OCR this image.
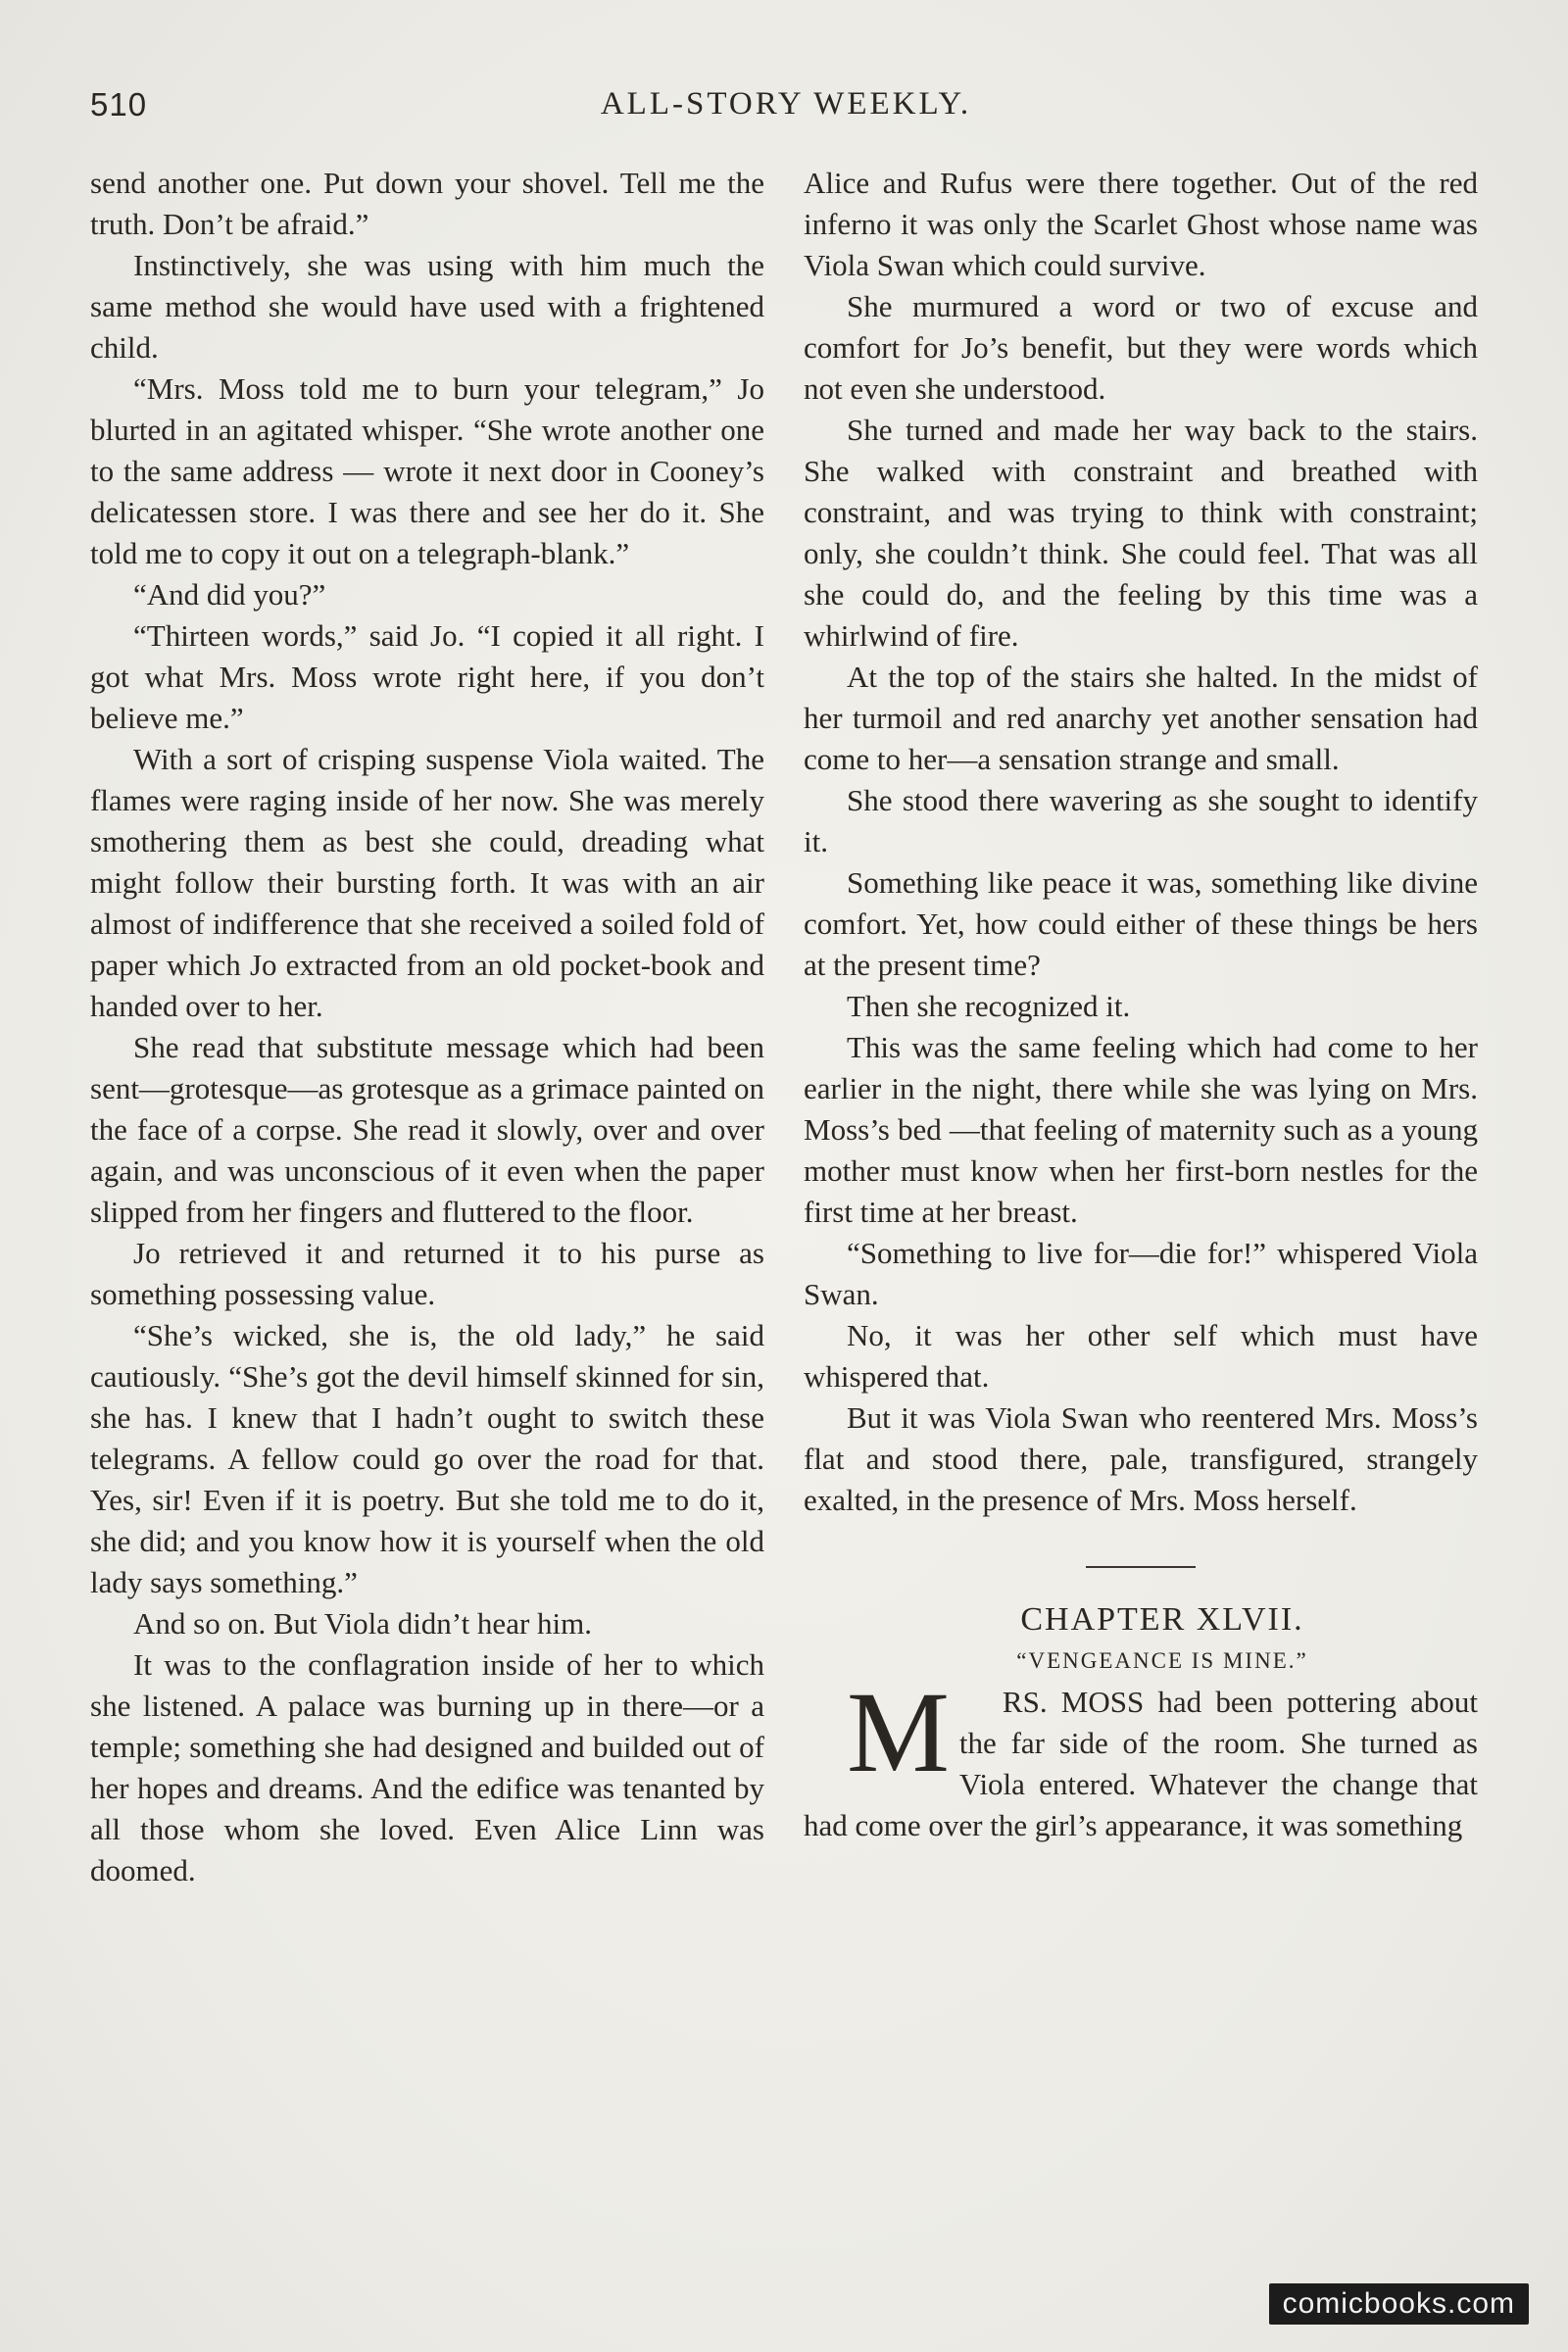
510	ALL-STORY WEEKLY.

send another one. Put down your shovel. Tell me the truth. Don’t be afraid.”

Instinctively, she was using with him much the same method she would have used with a frightened child.

“Mrs. Moss told me to burn your telegram,” Jo blurted in an agitated whisper. “She wrote another one to the same address — wrote it next door in Cooney’s delicatessen store. I was there and see her do it. She told me to copy it out on a telegraph-blank.”

“And did you?”

“Thirteen words,” said Jo. “I copied it all right. I got what Mrs. Moss wrote right here, if you don’t believe me.”

With a sort of crisping suspense Viola waited. The flames were raging inside of her now. She was merely smothering them as best she could, dreading what might follow their bursting forth. It was with an air almost of indifference that she received a soiled fold of paper which Jo extracted from an old pocket-book and handed over to her.

She read that substitute message which had been sent—grotesque—as grotesque as a grimace painted on the face of a corpse. She read it slowly, over and over again, and was unconscious of it even when the paper slipped from her fingers and fluttered to the floor.

Jo retrieved it and returned it to his purse as something possessing value.

“She’s wicked, she is, the old lady,” he said cautiously. “She’s got the devil himself skinned for sin, she has. I knew that I hadn’t ought to switch these telegrams. A fellow could go over the road for that. Yes, sir! Even if it is poetry. But she told me to do it, she did; and you know how it is yourself when the old lady says something.”

And so on. But Viola didn’t hear him.

It was to the conflagration inside of her to which she listened. A palace was burning up in there—or a temple; something she had designed and builded out of her hopes and dreams. And the edifice was tenanted by all those whom she loved. Even Alice Linn was doomed.

Alice and Rufus were there together. Out of the red inferno it was only the Scarlet Ghost whose name was Viola Swan which could survive.

She murmured a word or two of excuse and comfort for Jo’s benefit, but they were words which not even she understood.

She turned and made her way back to the stairs. She walked with constraint and breathed with constraint, and was trying to think with constraint; only, she couldn’t think. She could feel. That was all she could do, and the feeling by this time was a whirlwind of fire.

At the top of the stairs she halted. In the midst of her turmoil and red anarchy yet another sensation had come to her—a sensation strange and small.

She stood there wavering as she sought to identify it.

Something like peace it was, something like divine comfort. Yet, how could either of these things be hers at the present time?

Then she recognized it.

This was the same feeling which had come to her earlier in the night, there while she was lying on Mrs. Moss’s bed —that feeling of maternity such as a young mother must know when her first-born nestles for the first time at her breast.

“Something to live for—die for!” whispered Viola Swan.

No, it was her other self which must have whispered that.

But it was Viola Swan who reentered Mrs. Moss’s flat and stood there, pale, transfigured, strangely exalted, in the presence of Mrs. Moss herself.

CHAPTER XLVII.

“VENGEANCE IS MINE.”

M RS. MOSS had been pottering about the far side of the room. She turned as Viola entered. Whatever the change that had come over the girl’s appearance, it was something

comicbooks.com
